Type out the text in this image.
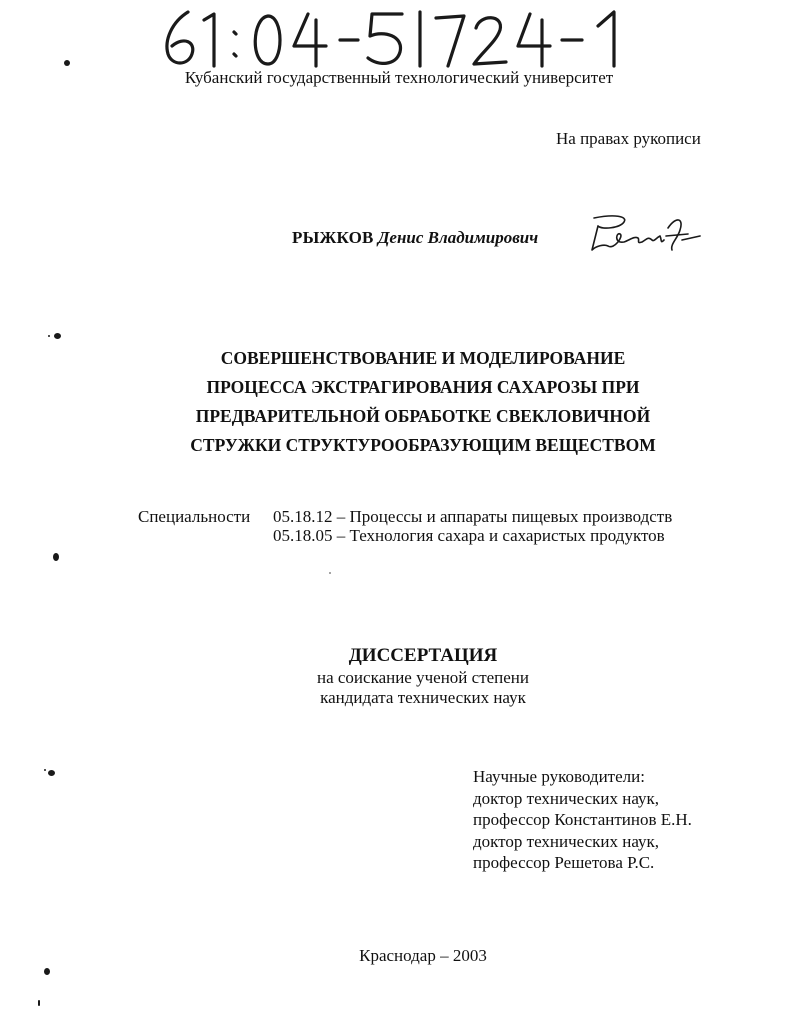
Кубанский государственный технологический университет
На правах рукописи
РЫЖКОВ Денис Владимирович
СОВЕРШЕНСТВОВАНИЕ И МОДЕЛИРОВАНИЕ
ПРОЦЕССА ЭКСТРАГИРОВАНИЯ САХАРОЗЫ ПРИ
ПРЕДВАРИТЕЛЬНОЙ ОБРАБОТКЕ СВЕКЛОВИЧНОЙ
СТРУЖКИ СТРУКТУРООБРАЗУЮЩИМ ВЕЩЕСТВОМ
Специальности 05.18.12 – Процессы и аппараты пищевых производств
05.18.05 – Технология сахара и сахаристых продуктов
ДИССЕРТАЦИЯ
на соискание ученой степени
кандидата технических наук
Научные руководители:
доктор технических наук,
профессор Константинов Е.Н.
доктор технических наук,
профессор Решетова Р.С.
Краснодар – 2003
